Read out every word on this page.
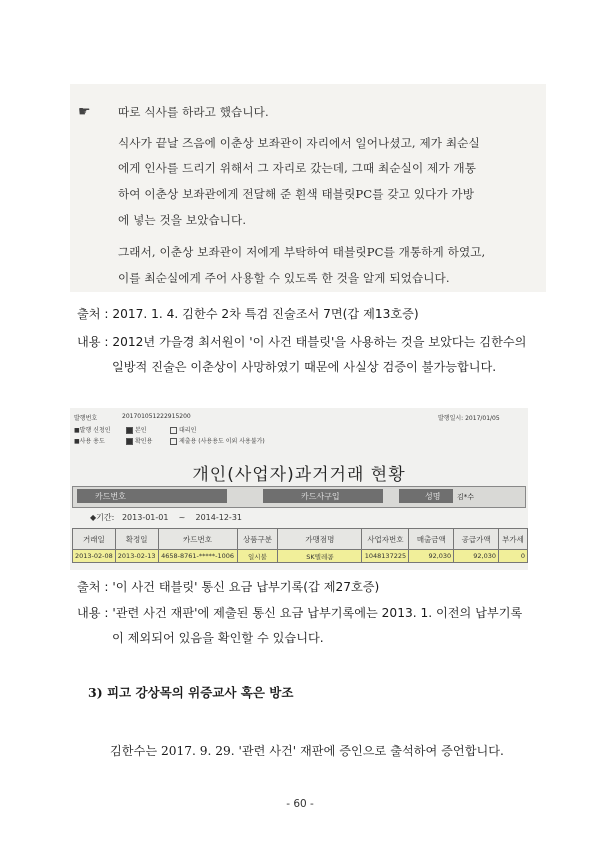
☛ 따로 식사를 하라고 했습니다.
식사가 끝날 즈음에 이춘상 보좌관이 자리에서 일어나셨고, 제가 최순실
에게 인사를 드리기 위해서 그 자리로 갔는데, 그때 최순실이 제가 개통
하여 이춘상 보좌관에게 전달해 준 흰색 태블릿PC를 갖고 있다가 가방
에 넣는 것을 보았습니다.
그래서, 이춘상 보좌관이 저에게 부탁하여 태블릿PC를 개통하게 하였고,
이를 최순실에게 주어 사용할 수 있도록 한 것을 알게 되었습니다.
출처 : 2017. 1. 4. 김한수 2차 특검 진술조서 7면(갑 제13호증)
내용 : 2012년 가을경 최서원이 '이 사건 태블릿'을 사용하는 것을 보았다는 김한수의
일방적 진술은 이춘상이 사망하였기 때문에 사실상 검증이 불가능합니다.
발행번호	201701051222915200	발행일시: 2017/01/05
■발행 신청인	본인	대리인
■사용 용도	확인용	제출용 (사용용도 이외 사용불가)
개인(사업자)과거거래 현황
카드번호	카드사구입	성명 김*수
◆기간: 2013-01-01 ~ 2014-12-31
거래일	확정일	카드번호	상품구분	가맹점명	사업자번호	매출금액	공급가액	부가세
2013-02-08	2013-02-13	4658-8761-*****-1006	일시불	SK텔레콤	1048137225	92,030	92,030	0
출처 : '이 사건 태블릿' 통신 요금 납부기록(갑 제27호증)
내용 : '관련 사건 재판'에 제출된 통신 요금 납부기록에는 2013. 1. 이전의 납부기록
이 제외되어 있음을 확인할 수 있습니다.
3) 피고 강상목의 위증교사 혹은 방조
김한수는 2017. 9. 29. '관련 사건' 재판에 증인으로 출석하여 증언합니다.
- 60 -
